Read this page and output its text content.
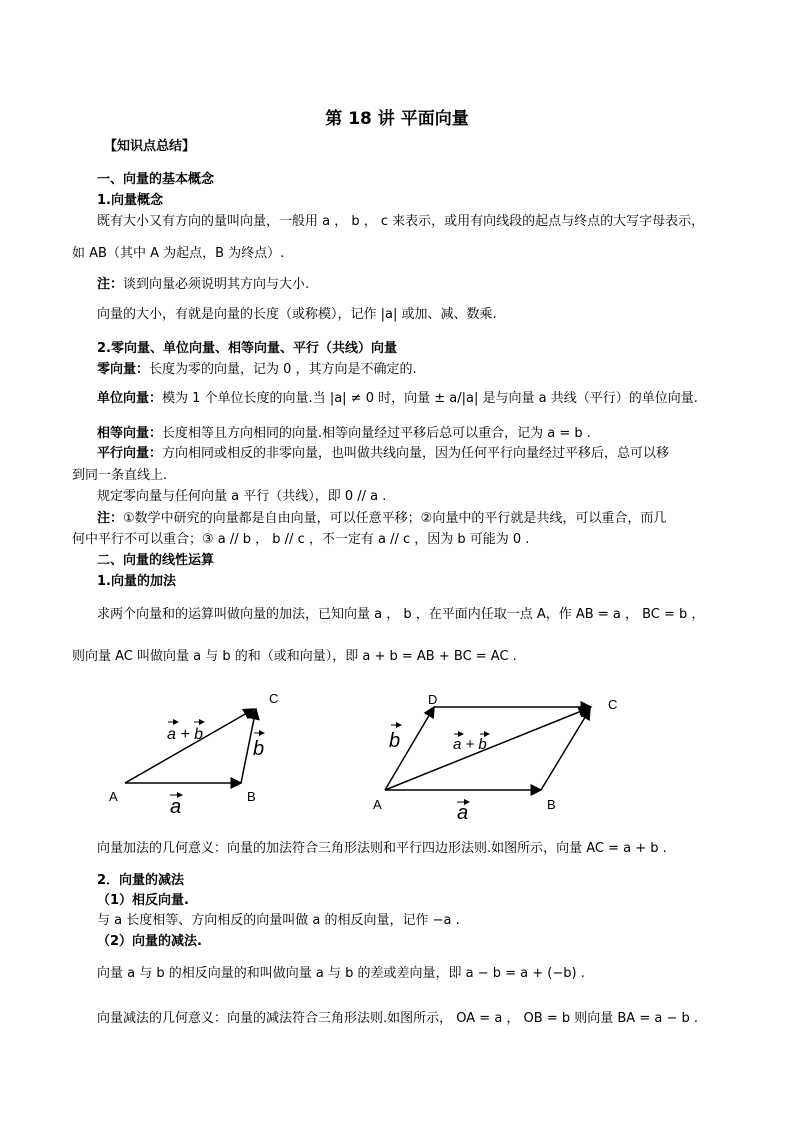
第 18 讲 平面向量
【知识点总结】
一、向量的基本概念
1.向量概念
既有大小又有方向的量叫向量，一般用 a ， b ， c 来表示，或用有向线段的起点与终点的大写字母表示，
如 AB（其中 A 为起点，B 为终点）.
注：谈到向量必须说明其方向与大小.
向量的大小，有就是向量的长度（或称模），记作 |a| 或加、减、数乘.
2.零向量、单位向量、相等向量、平行（共线）向量
零向量：长度为零的向量，记为 0 ，其方向是不确定的.
单位向量：模为 1 个单位长度的向量.当 |a| ≠ 0 时，向量 ± a/|a| 是与向量 a 共线（平行）的单位向量.
相等向量：长度相等且方向相同的向量.相等向量经过平移后总可以重合，记为 a = b .
平行向量：方向相同或相反的非零向量，也叫做共线向量，因为任何平行向量经过平移后，总可以移
到同一条直线上.
规定零向量与任何向量 a 平行（共线），即 0 // a .
注：①数学中研究的向量都是自由向量，可以任意平移；②向量中的平行就是共线，可以重合，而几
何中平行不可以重合；③ a // b ， b // c ，不一定有 a // c ，因为 b 可能为 0 .
二、向量的线性运算
1.向量的加法
求两个向量和的运算叫做向量的加法，已知向量 a ， b ，在平面内任取一点 A，作 AB = a ， BC = b ，
则向量 AC 叫做向量 a 与 b 的和（或和向量），即 a + b = AB + BC = AC .
A	B
C
a
b
a + b
A	B
C
D
a
b	a + b
向量加法的几何意义：向量的加法符合三角形法则和平行四边形法则.如图所示，向量 AC = a + b .
2．向量的减法
（1）相反向量.
与 a 长度相等、方向相反的向量叫做 a 的相反向量，记作 −a .
（2）向量的减法.
向量 a 与 b 的相反向量的和叫做向量 a 与 b 的差或差向量，即 a − b = a + (−b) .
向量减法的几何意义：向量的减法符合三角形法则.如图所示， OA = a ， OB = b 则向量 BA = a − b .
